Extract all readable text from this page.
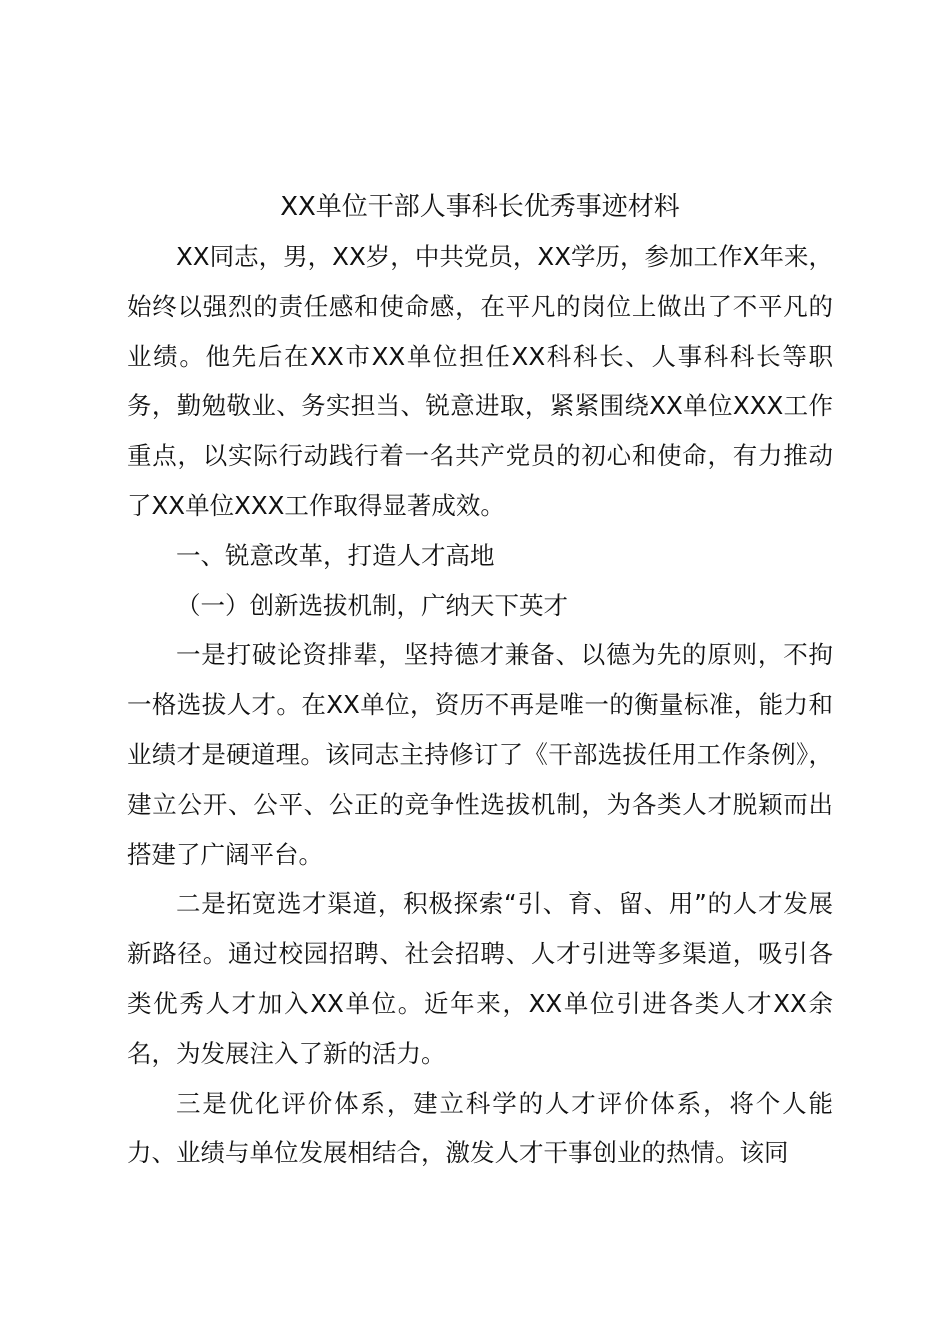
XX单位干部人事科长优秀事迹材料

XX同志，男，XX岁，中共党员，XX学历，参加工作X年来，始终以强烈的责任感和使命感，在平凡的岗位上做出了不平凡的业绩。他先后在XX市XX单位担任XX科科长、人事科科长等职务，勤勉敬业、务实担当、锐意进取，紧紧围绕XX单位XXX工作重点，以实际行动践行着一名共产党员的初心和使命，有力推动了XX单位XXX工作取得显著成效。

一、锐意改革，打造人才高地

（一）创新选拔机制，广纳天下英才

一是打破论资排辈，坚持德才兼备、以德为先的原则，不拘一格选拔人才。在XX单位，资历不再是唯一的衡量标准，能力和业绩才是硬道理。该同志主持修订了《干部选拔任用工作条例》，建立公开、公平、公正的竞争性选拔机制，为各类人才脱颖而出搭建了广阔平台。

二是拓宽选才渠道，积极探索“引、育、留、用”的人才发展新路径。通过校园招聘、社会招聘、人才引进等多渠道，吸引各类优秀人才加入XX单位。近年来，XX单位引进各类人才XX余名，为发展注入了新的活力。

三是优化评价体系，建立科学的人才评价体系，将个人能力、业绩与单位发展相结合，激发人才干事创业的热情。该同
